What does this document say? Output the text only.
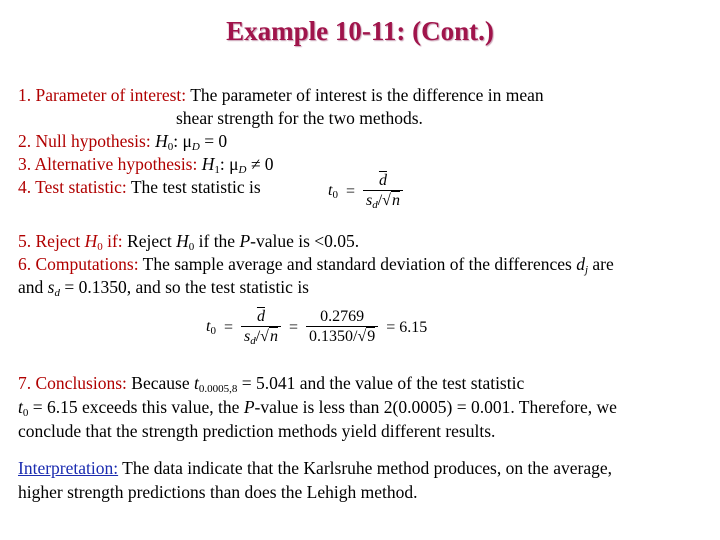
Example 10-11: (Cont.)
1. Parameter of interest: The parameter of interest is the difference in mean
shear strength for the two methods.
2. Null hypothesis: $H_0$: $\mu_D = 0$
3. Alternative hypothesis: $H_1$: $\mu_D \ne 0$
4. Test statistic: The test statistic is	$t_0 = \frac{\overline{d}}{s_d/√n}$
5. Reject $H_0$ if: Reject $H_0$ if the P-value is <0.05.
6. Computations: The sample average and standard deviation of the differences $d_j$ are
and $s_d = 0.1350$, and so the test statistic is
$t_0 = \frac{\overline{d}}{s_d/√n} = \frac{0.2769}{0.1350/√9} = 6.15$
7. Conclusions: Because $t_{0.0005,8} = 5.041$ and the value of the test statistic
$t_0 = 6.15$ exceeds this value, the P-value is less than 2(0.0005) = 0.001. Therefore, we
conclude that the strength prediction methods yield different results.
Interpretation: The data indicate that the Karlsruhe method produces, on the average,
higher strength predictions than does the Lehigh method.
